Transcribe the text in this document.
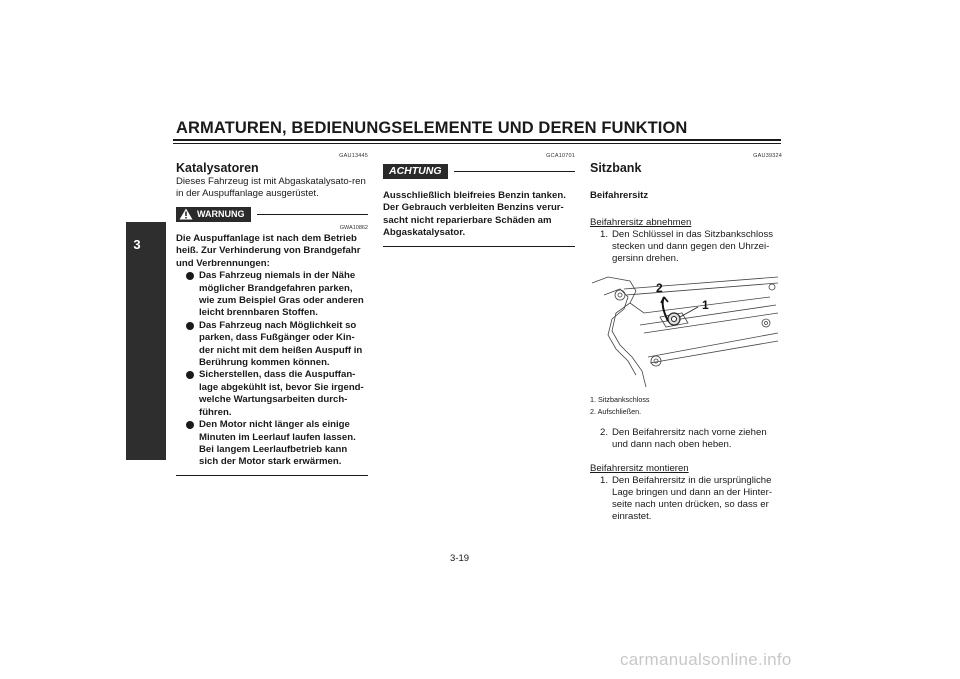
ARMATUREN, BEDIENUNGSELEMENTE UND DEREN FUNKTION
3
GAU13445
Katalysatoren
Dieses Fahrzeug ist mit Abgaskatalysato-ren in der Auspuffanlage ausgerüstet.
WARNUNG
GWA10862
Die Auspuffanlage ist nach dem Betrieb heiß. Zur Verhinderung von Brandgefahr und Verbrennungen:
Das Fahrzeug niemals in der Nähe möglicher Brandgefahren parken, wie zum Beispiel Gras oder anderen leicht brennbaren Stoffen.
Das Fahrzeug nach Möglichkeit so parken, dass Fußgänger oder Kin-der nicht mit dem heißen Auspuff in Berührung kommen können.
Sicherstellen, dass die Auspuffan-lage abgekühlt ist, bevor Sie irgend-welche Wartungsarbeiten durch-führen.
Den Motor nicht länger als einige Minuten im Leerlauf laufen lassen. Bei langem Leerlaufbetrieb kann sich der Motor stark erwärmen.
GCA10701
ACHTUNG
Ausschließlich bleifreies Benzin tanken. Der Gebrauch verbleiten Benzins verur-sacht nicht reparierbare Schäden am Abgaskatalysator.
GAU39324
Sitzbank
Beifahrersitz
Beifahrersitz abnehmen
1. Den Schlüssel in das Sitzbankschloss stecken und dann gegen den Uhrzei-gersinn drehen.
2
1
1. Sitzbankschloss
2. Aufschließen.
2. Den Beifahrersitz nach vorne ziehen und dann nach oben heben.
Beifahrersitz montieren
1. Den Beifahrersitz in die ursprüngliche Lage bringen und dann an der Hinter-seite nach unten drücken, so dass er einrastet.
3-19
carmanualsonline.info
